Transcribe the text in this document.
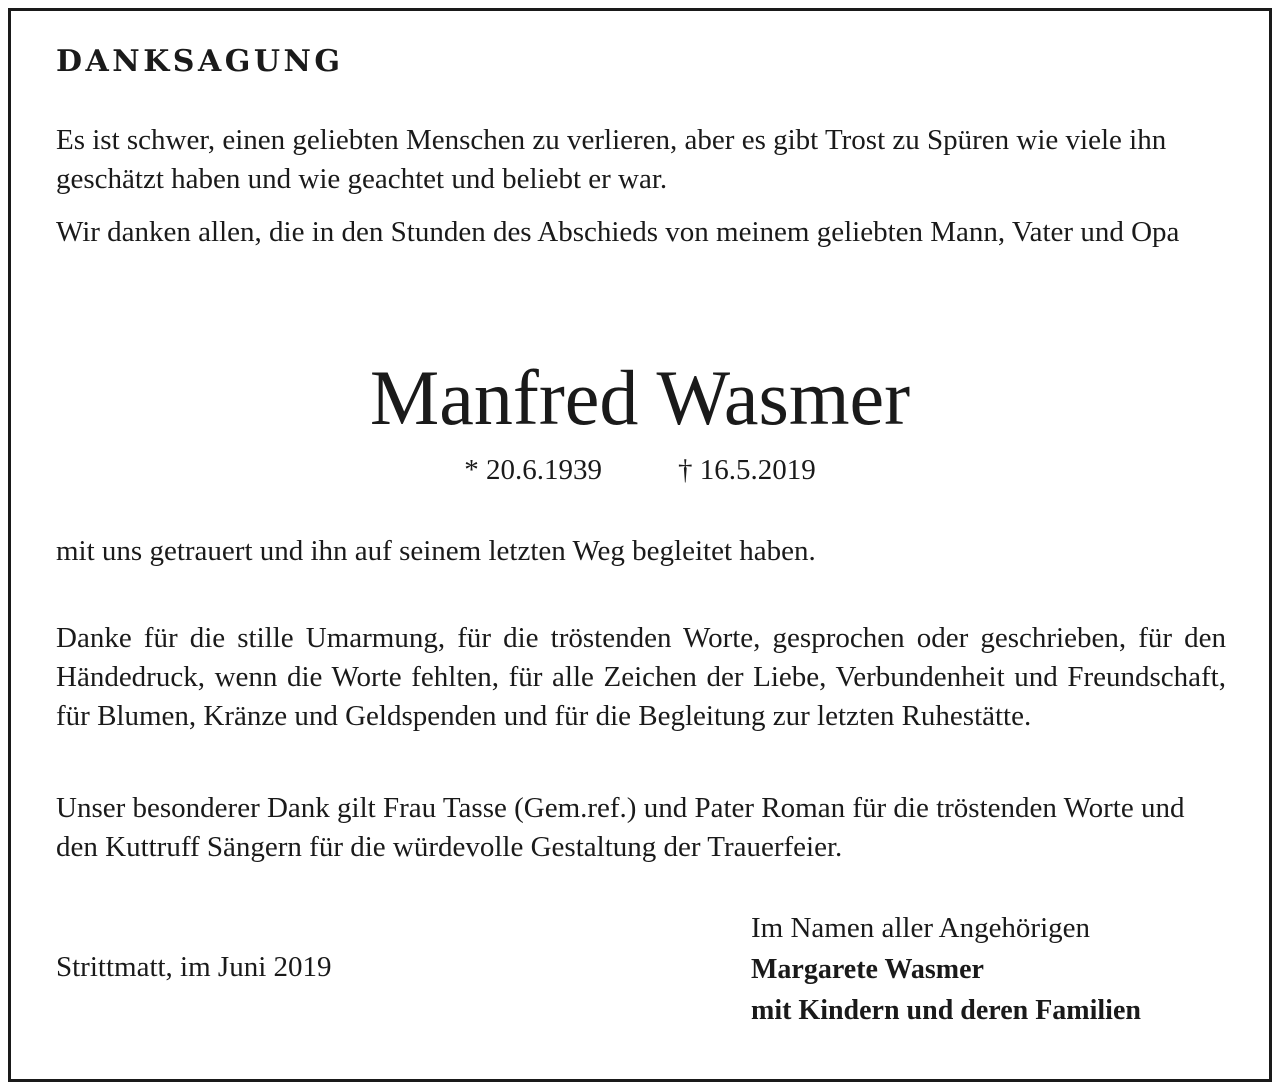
DANKSAGUNG

Es ist schwer, einen geliebten Menschen zu verlieren, aber es gibt Trost zu Spüren wie viele ihn geschätzt haben und wie geachtet und beliebt er war.

Wir danken allen, die in den Stunden des Abschieds von meinem geliebten Mann, Vater und Opa

Manfred Wasmer
* 20.6.1939	† 16.5.2019

mit uns getrauert und ihn auf seinem letzten Weg begleitet haben.

Danke für die stille Umarmung, für die tröstenden Worte, gesprochen oder geschrieben, für den Händedruck, wenn die Worte fehlten, für alle Zeichen der Liebe, Verbundenheit und Freundschaft, für Blumen, Kränze und Geldspenden und für die Begleitung zur letzten Ruhestätte.

Unser besonderer Dank gilt Frau Tasse (Gem.ref.) und Pater Roman für die tröstenden Worte und den Kuttruff Sängern für die würdevolle Gestaltung der Trauerfeier.

Strittmatt, im Juni 2019
Im Namen aller Angehörigen
Margarete Wasmer
mit Kindern und deren Familien
